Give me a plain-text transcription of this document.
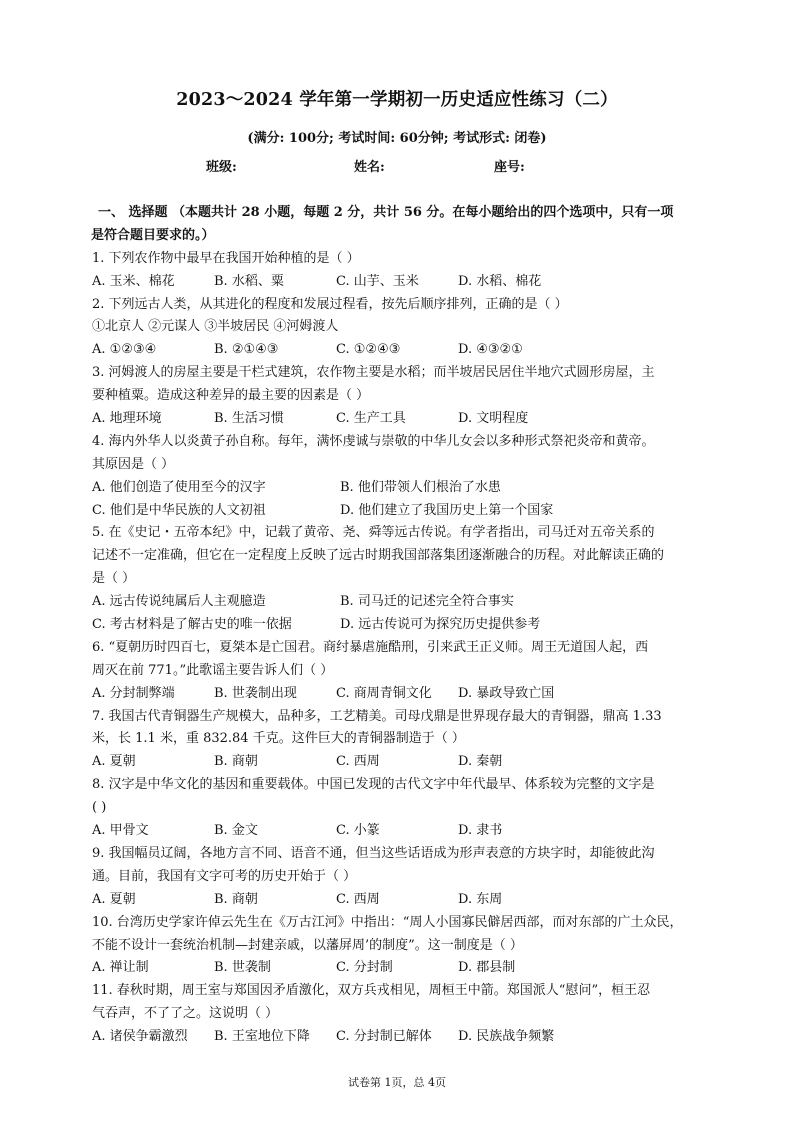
2023～2024 学年第一学期初一历史适应性练习（二）
(满分: 100分; 考试时间: 60分钟; 考试形式: 闭卷)
班级:	姓名:	座号:
一、 选择题 （本题共计 28 小题，每题 2 分，共计 56 分。在每小题给出的四个选项中，只有一项
是符合题目要求的。）
1. 下列农作物中最早在我国开始种植的是（ ）
A. 玉米、棉花	B. 水稻、粟	C. 山芋、玉米	D. 水稻、棉花
2. 下列远古人类，从其进化的程度和发展过程看，按先后顺序排列，正确的是（ ）
①北京人 ②元谋人 ③半坡居民 ④河姆渡人
A. ①②③④	B. ②①④③	C. ①②④③	D. ④③②①
3. 河姆渡人的房屋主要是干栏式建筑，农作物主要是水稻；而半坡居民居住半地穴式圆形房屋，主
要种植粟。造成这种差异的最主要的因素是（ ）
A. 地理环境	B. 生活习惯	C. 生产工具	D. 文明程度
4. 海内外华人以炎黄子孙自称。每年，满怀虔诚与崇敬的中华儿女会以多种形式祭祀炎帝和黄帝。
其原因是（ ）
A. 他们创造了使用至今的汉字	B. 他们带领人们根治了水患
C. 他们是中华民族的人文初祖	D. 他们建立了我国历史上第一个国家
5. 在《史记・五帝本纪》中，记载了黄帝、尧、舜等远古传说。有学者指出，司马迁对五帝关系的
记述不一定准确，但它在一定程度上反映了远古时期我国部落集团逐渐融合的历程。对此解读正确的
是（ ）
A. 远古传说纯属后人主观臆造	B. 司马迁的记述完全符合事实
C. 考古材料是了解古史的唯一依据	D. 远古传说可为探究历史提供参考
6. “夏朝历时四百七，夏桀本是亡国君。商纣暴虐施酷刑，引来武王正义师。周王无道国人起，西
周灭在前 771。”此歌谣主要告诉人们（ ）
A. 分封制弊端	B. 世袭制出现	C. 商周青铜文化	D. 暴政导致亡国
7. 我国古代青铜器生产规模大，品种多，工艺精美。司母戊鼎是世界现存最大的青铜器，鼎高 1.33
米，长 1.1 米，重 832.84 千克。这件巨大的青铜器制造于（ ）
A. 夏朝	B. 商朝	C. 西周	D. 秦朝
8. 汉字是中华文化的基因和重要载体。中国已发现的古代文字中年代最早、体系较为完整的文字是
( )
A. 甲骨文	B. 金文	C. 小篆	D. 隶书
9. 我国幅员辽阔，各地方言不同、语音不通，但当这些话语成为形声表意的方块字时，却能彼此沟
通。目前，我国有文字可考的历史开始于（ ）
A. 夏朝	B. 商朝	C. 西周	D. 东周
10. 台湾历史学家许倬云先生在《万古江河》中指出：“周人小国寡民僻居西部，而对东部的广土众民，
不能不设计一套统治机制—封建亲戚，以藩屏周’的制度”。这一制度是（ ）
A. 禅让制	B. 世袭制	C. 分封制	D. 郡县制
11. 春秋时期，周王室与郑国因矛盾激化，双方兵戎相见，周桓王中箭。郑国派人“慰问”，桓王忍
气吞声，不了了之。这说明（ ）
A. 诸侯争霸激烈	B. 王室地位下降	C. 分封制已解体	D. 民族战争频繁
试卷第 1页，总 4页
